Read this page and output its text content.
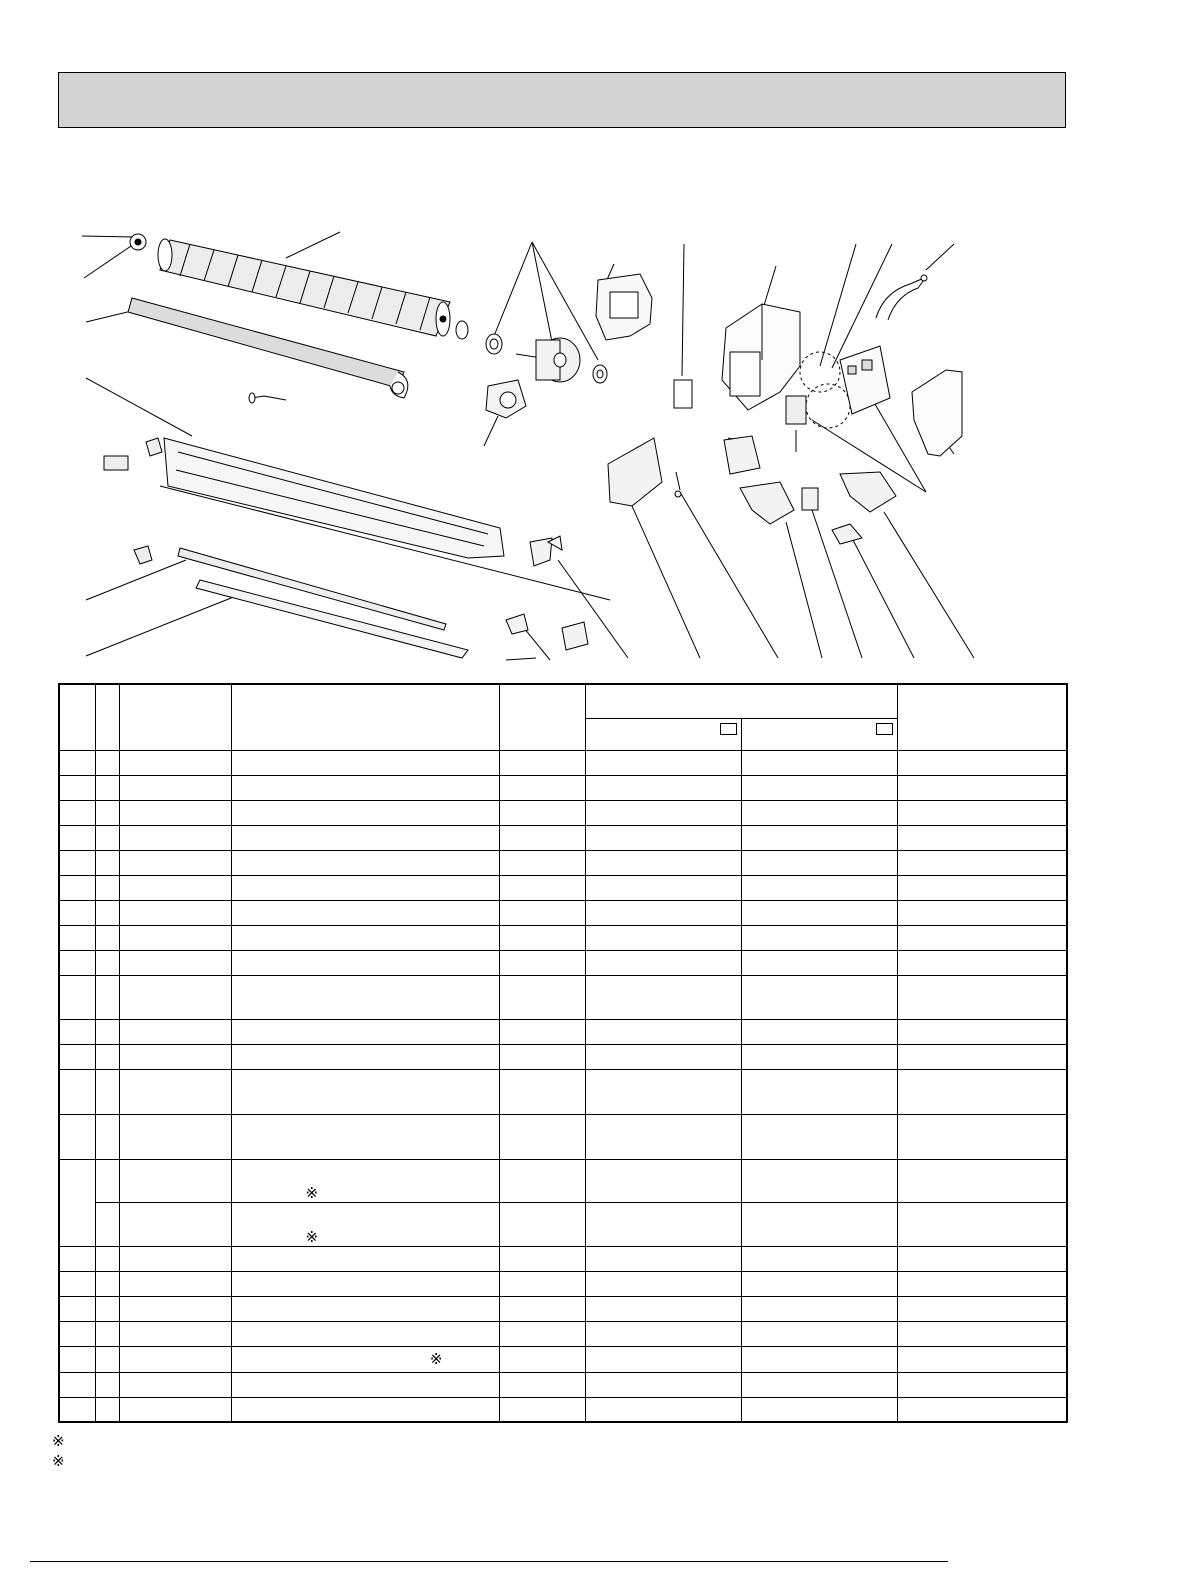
			※				
			※				

			※				

※
※
